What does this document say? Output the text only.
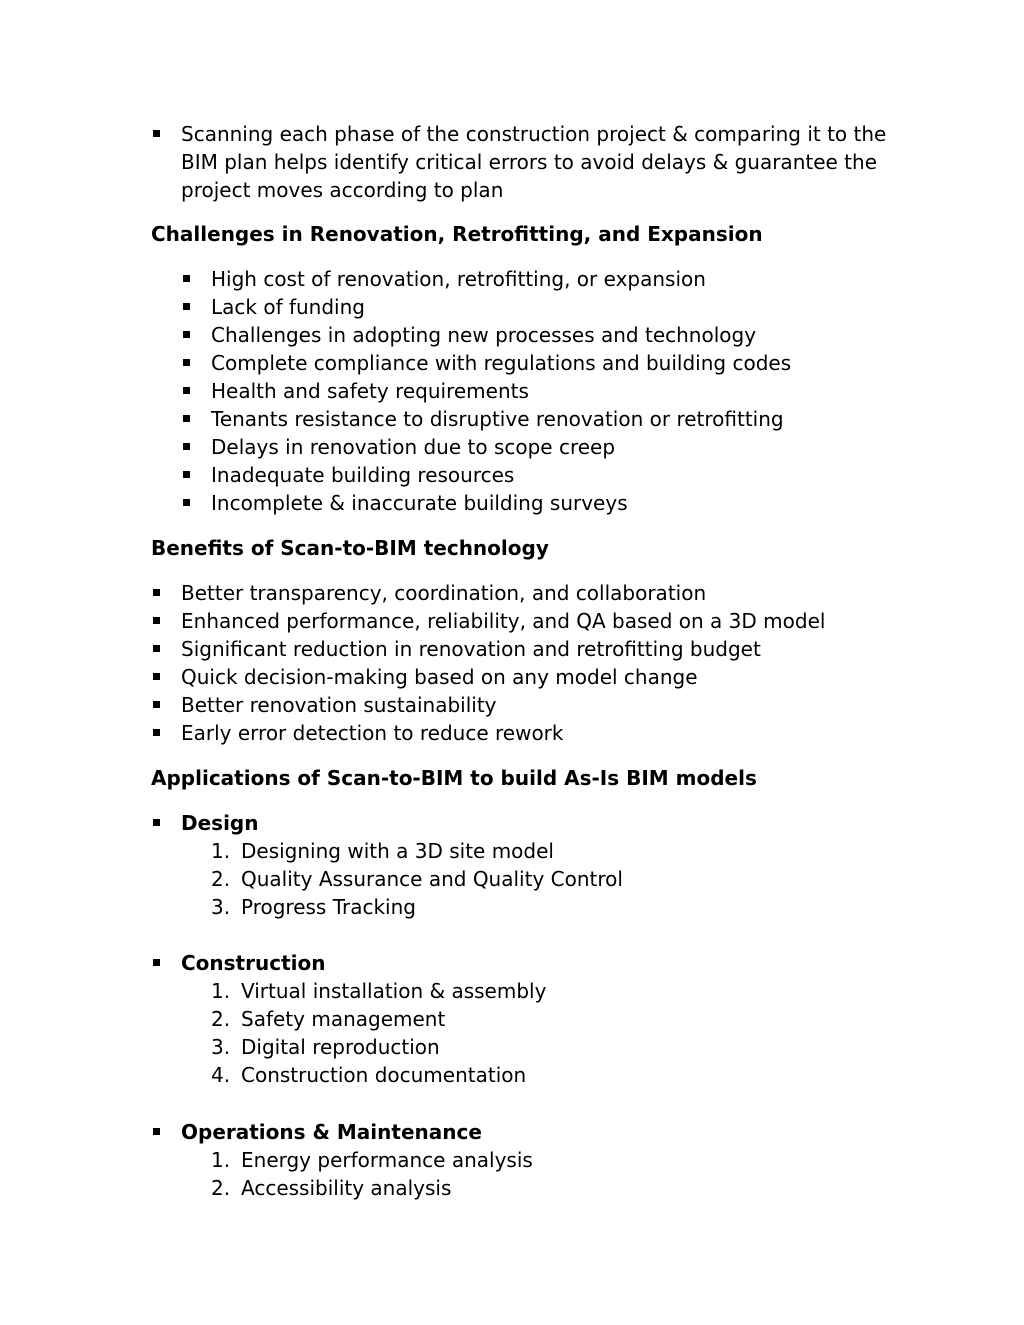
Scanning each phase of the construction project & comparing it to the BIM plan helps identify critical errors to avoid delays & guarantee the project moves according to plan
Challenges in Renovation, Retrofitting, and Expansion
High cost of renovation, retrofitting, or expansion
Lack of funding
Challenges in adopting new processes and technology
Complete compliance with regulations and building codes
Health and safety requirements
Tenants resistance to disruptive renovation or retrofitting
Delays in renovation due to scope creep
Inadequate building resources
Incomplete & inaccurate building surveys
Benefits of Scan-to-BIM technology
Better transparency, coordination, and collaboration
Enhanced performance, reliability, and QA based on a 3D model
Significant reduction in renovation and retrofitting budget
Quick decision-making based on any model change
Better renovation sustainability
Early error detection to reduce rework
Applications of Scan-to-BIM to build As-Is BIM models
Design
1. Designing with a 3D site model
2. Quality Assurance and Quality Control
3. Progress Tracking
Construction
1. Virtual installation & assembly
2. Safety management
3. Digital reproduction
4. Construction documentation
Operations & Maintenance
1. Energy performance analysis
2. Accessibility analysis
